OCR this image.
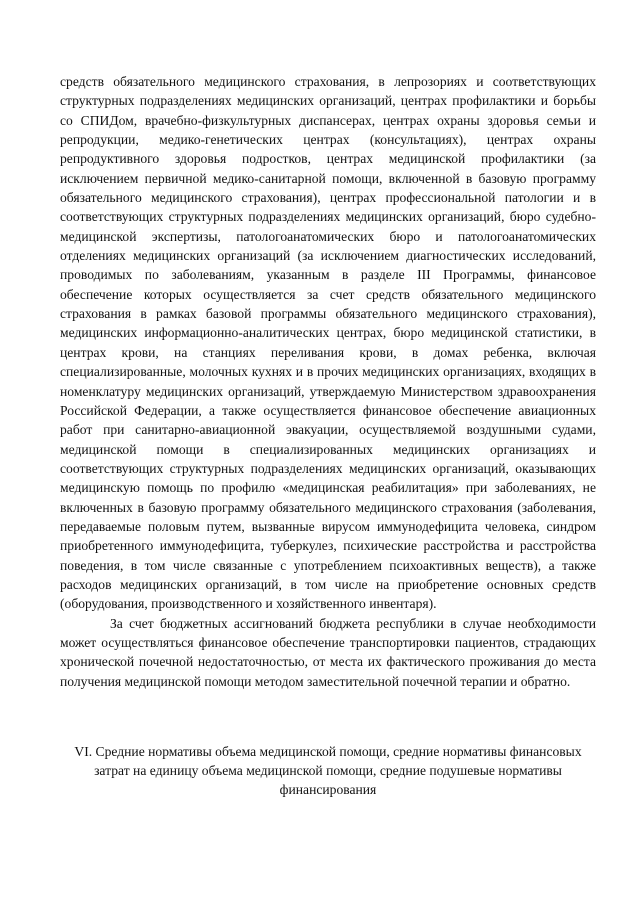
средств обязательного медицинского страхования, в лепрозориях и соответствующих структурных подразделениях медицинских организаций, центрах профилактики и борьбы со СПИДом, врачебно-физкультурных диспансерах, центрах охраны здоровья семьи и репродукции, медико-генетических центрах (консультациях), центрах охраны репродуктивного здоровья подростков, центрах медицинской профилактики (за исключением первичной медико-санитарной помощи, включенной в базовую программу обязательного медицинского страхования), центрах профессиональной патологии и в соответствующих структурных подразделениях медицинских организаций, бюро судебно-медицинской экспертизы, патологоанатомических бюро и патологоанатомических отделениях медицинских организаций (за исключением диагностических исследований, проводимых по заболеваниям, указанным в разделе III Программы, финансовое обеспечение которых осуществляется за счет средств обязательного медицинского страхования в рамках базовой программы обязательного медицинского страхования), медицинских информационно-аналитических центрах, бюро медицинской статистики, в центрах крови, на станциях переливания крови, в домах ребенка, включая специализированные, молочных кухнях и в прочих медицинских организациях, входящих в номенклатуру медицинских организаций, утверждаемую Министерством здравоохранения Российской Федерации, а также осуществляется финансовое обеспечение авиационных работ при санитарно-авиационной эвакуации, осуществляемой воздушными судами, медицинской помощи в специализированных медицинских организациях и соответствующих структурных подразделениях медицинских организаций, оказывающих медицинскую помощь по профилю «медицинская реабилитация» при заболеваниях, не включенных в базовую программу обязательного медицинского страхования (заболевания, передаваемые половым путем, вызванные вирусом иммунодефицита человека, синдром приобретенного иммунодефицита, туберкулез, психические расстройства и расстройства поведения, в том числе связанные с употреблением психоактивных веществ), а также расходов медицинских организаций, в том числе на приобретение основных средств (оборудования, производственного и хозяйственного инвентаря).

За счет бюджетных ассигнований бюджета республики в случае необходимости может осуществляться финансовое обеспечение транспортировки пациентов, страдающих хронической почечной недостаточностью, от места их фактического проживания до места получения медицинской помощи методом заместительной почечной терапии и обратно.

VI. Средние нормативы объема медицинской помощи, средние нормативы финансовых затрат на единицу объема медицинской помощи, средние подушевые нормативы финансирования
